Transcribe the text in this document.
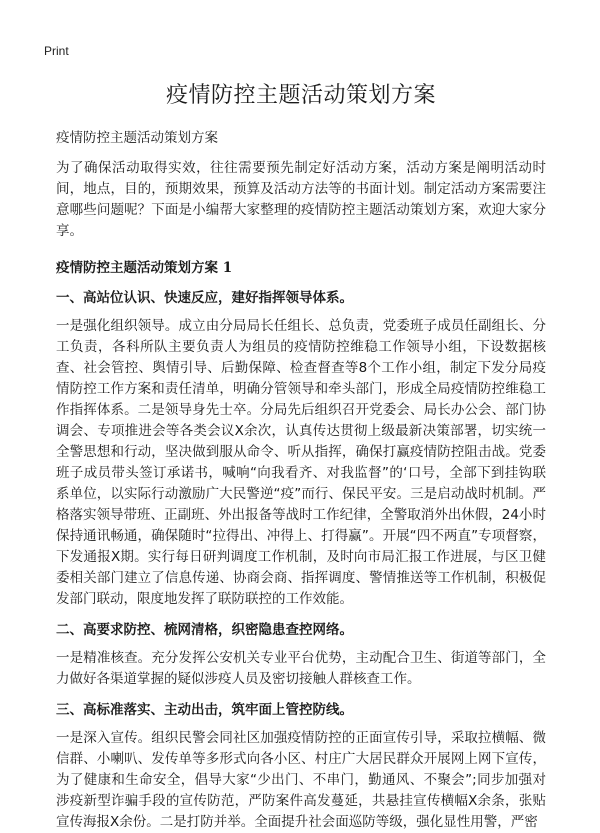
Print
疫情防控主题活动策划方案
疫情防控主题活动策划方案

为了确保活动取得实效，往往需要预先制定好活动方案，活动方案是阐明活动时间，地点，目的，预期效果，预算及活动方法等的书面计划。制定活动方案需要注意哪些问题呢？下面是小编帮大家整理的疫情防控主题活动策划方案，欢迎大家分享。

疫情防控主题活动策划方案 1
一、高站位认识、快速反应，建好指挥领导体系。

一是强化组织领导。成立由分局局长任组长、总负责，党委班子成员任副组长、分工负责，各科所队主要负责人为组员的疫情防控维稳工作领导小组，下设数据核查、社会管控、舆情引导、后勤保障、检查督查等8个工作小组，制定下发分局疫情防控工作方案和责任清单，明确分管领导和牵头部门，形成全局疫情防控维稳工作指挥体系。二是领导身先士卒。分局先后组织召开党委会、局长办公会、部门协调会、专项推进会等各类会议X余次，认真传达贯彻上级最新决策部署，切实统一全警思想和行动，坚决做到服从命令、听从指挥，确保打赢疫情防控阻击战。党委班子成员带头签订承诺书，喊响“向我看齐、对我监督”的‘口号，全部下到挂钩联系单位，以实际行动激励广大民警逆“疫”而行、保民平安。三是启动战时机制。严格落实领导带班、正副班、外出报备等战时工作纪律，全警取消外出休假，24小时保持通讯畅通，确保随时“拉得出、冲得上、打得赢”。开展“四不两直”专项督察，下发通报X期。实行每日研判调度工作机制，及时向市局汇报工作进展，与区卫健委相关部门建立了信息传递、协商会商、指挥调度、警情推送等工作机制，积极促发部门联动，限度地发挥了联防联控的工作效能。

二、高要求防控、梳网清格，织密隐患查控网络。

一是精准核查。充分发挥公安机关专业平台优势，主动配合卫生、街道等部门，全力做好各渠道掌握的疑似涉疫人员及密切接触人群核查工作。

三、高标准落实、主动出击，筑牢面上管控防线。

一是深入宣传。组织民警会同社区加强疫情防控的正面宣传引导，采取拉横幅、微信群、小喇叭、发传单等多形式向各小区、村庄广大居民群众开展网上网下宣传，为了健康和生命安全，倡导大家“少出门、不串门，勤通风、不聚会”;同步加强对涉疫新型诈骗手段的宣传防范，严防案件高发蔓延，共悬挂宣传横幅X余条，张贴宣传海报X余份。二是打防并举。全面提升社会面巡防等级，强化显性用警，严密
